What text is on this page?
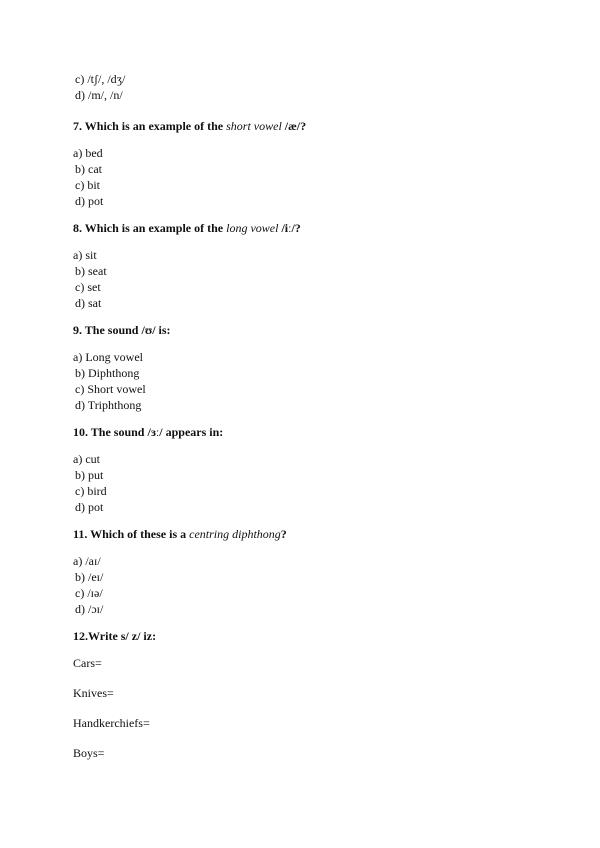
c) /tʃ/, /dʒ/
d) /m/, /n/
7. Which is an example of the short vowel /æ/?
a) bed
b) cat
c) bit
d) pot
8. Which is an example of the long vowel /iː/?
a) sit
b) seat
c) set
d) sat
9. The sound /ʊ/ is:
a) Long vowel
b) Diphthong
c) Short vowel
d) Triphthong
10. The sound /ɜː/ appears in:
a) cut
b) put
c) bird
d) pot
11. Which of these is a centring diphthong?
a) /aɪ/
b) /eɪ/
c) /ɪə/
d) /ɔɪ/
12.Write s/ z/ iz:
Cars=
Knives=
Handkerchiefs=
Boys=
